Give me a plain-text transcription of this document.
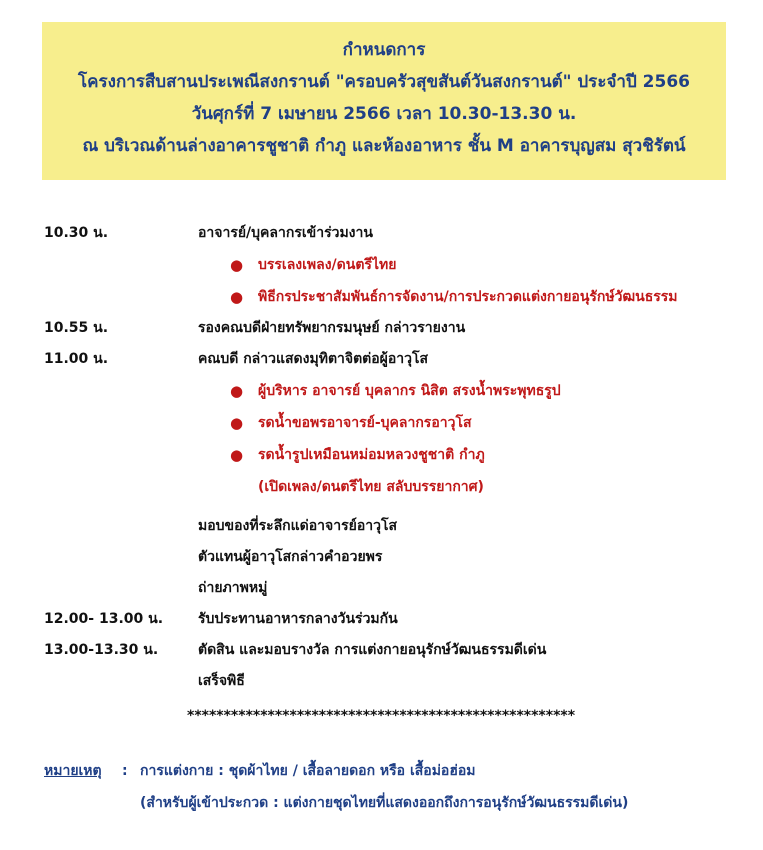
กำหนดการ
โครงการสืบสานประเพณีสงกรานต์ "ครอบครัวสุขสันต์วันสงกรานต์" ประจำปี 2566
วันศุกร์ที่ 7 เมษายน 2566 เวลา 10.30-13.30 น.
ณ บริเวณด้านล่างอาคารชูชาติ กำภู และห้องอาหาร ชั้น M อาคารบุญสม สุวชิรัตน์
10.30 น.	อาจารย์/บุคลากรเข้าร่วมงาน
● บรรเลงเพลง/ดนตรีไทย
● พิธีกรประชาสัมพันธ์การจัดงาน/การประกวดแต่งกายอนุรักษ์วัฒนธรรม
10.55 น.	รองคณบดีฝ่ายทรัพยากรมนุษย์ กล่าวรายงาน
11.00 น.	คณบดี กล่าวแสดงมุทิตาจิตต่อผู้อาวุโส
● ผู้บริหาร อาจารย์ บุคลากร นิสิต สรงน้ำพระพุทธรูป
● รดน้ำขอพรอาจารย์-บุคลากรอาวุโส
● รดน้ำรูปเหมือนหม่อมหลวงชูชาติ กำภู
(เปิดเพลง/ดนตรีไทย สลับบรรยากาศ)
มอบของที่ระลึกแด่อาจารย์อาวุโส
ตัวแทนผู้อาวุโสกล่าวคำอวยพร
ถ่ายภาพหมู่
12.00- 13.00 น. รับประทานอาหารกลางวันร่วมกัน
13.00-13.30 น.	ตัดสิน และมอบรางวัล การแต่งกายอนุรักษ์วัฒนธรรมดีเด่น
เสร็จพิธี
*****************************************************
หมายเหตุ : การแต่งกาย : ชุดผ้าไทย / เสื้อลายดอก หรือ เสื้อม่อฮ่อม
(สำหรับผู้เข้าประกวด : แต่งกายชุดไทยที่แสดงออกถึงการอนุรักษ์วัฒนธรรมดีเด่น)
